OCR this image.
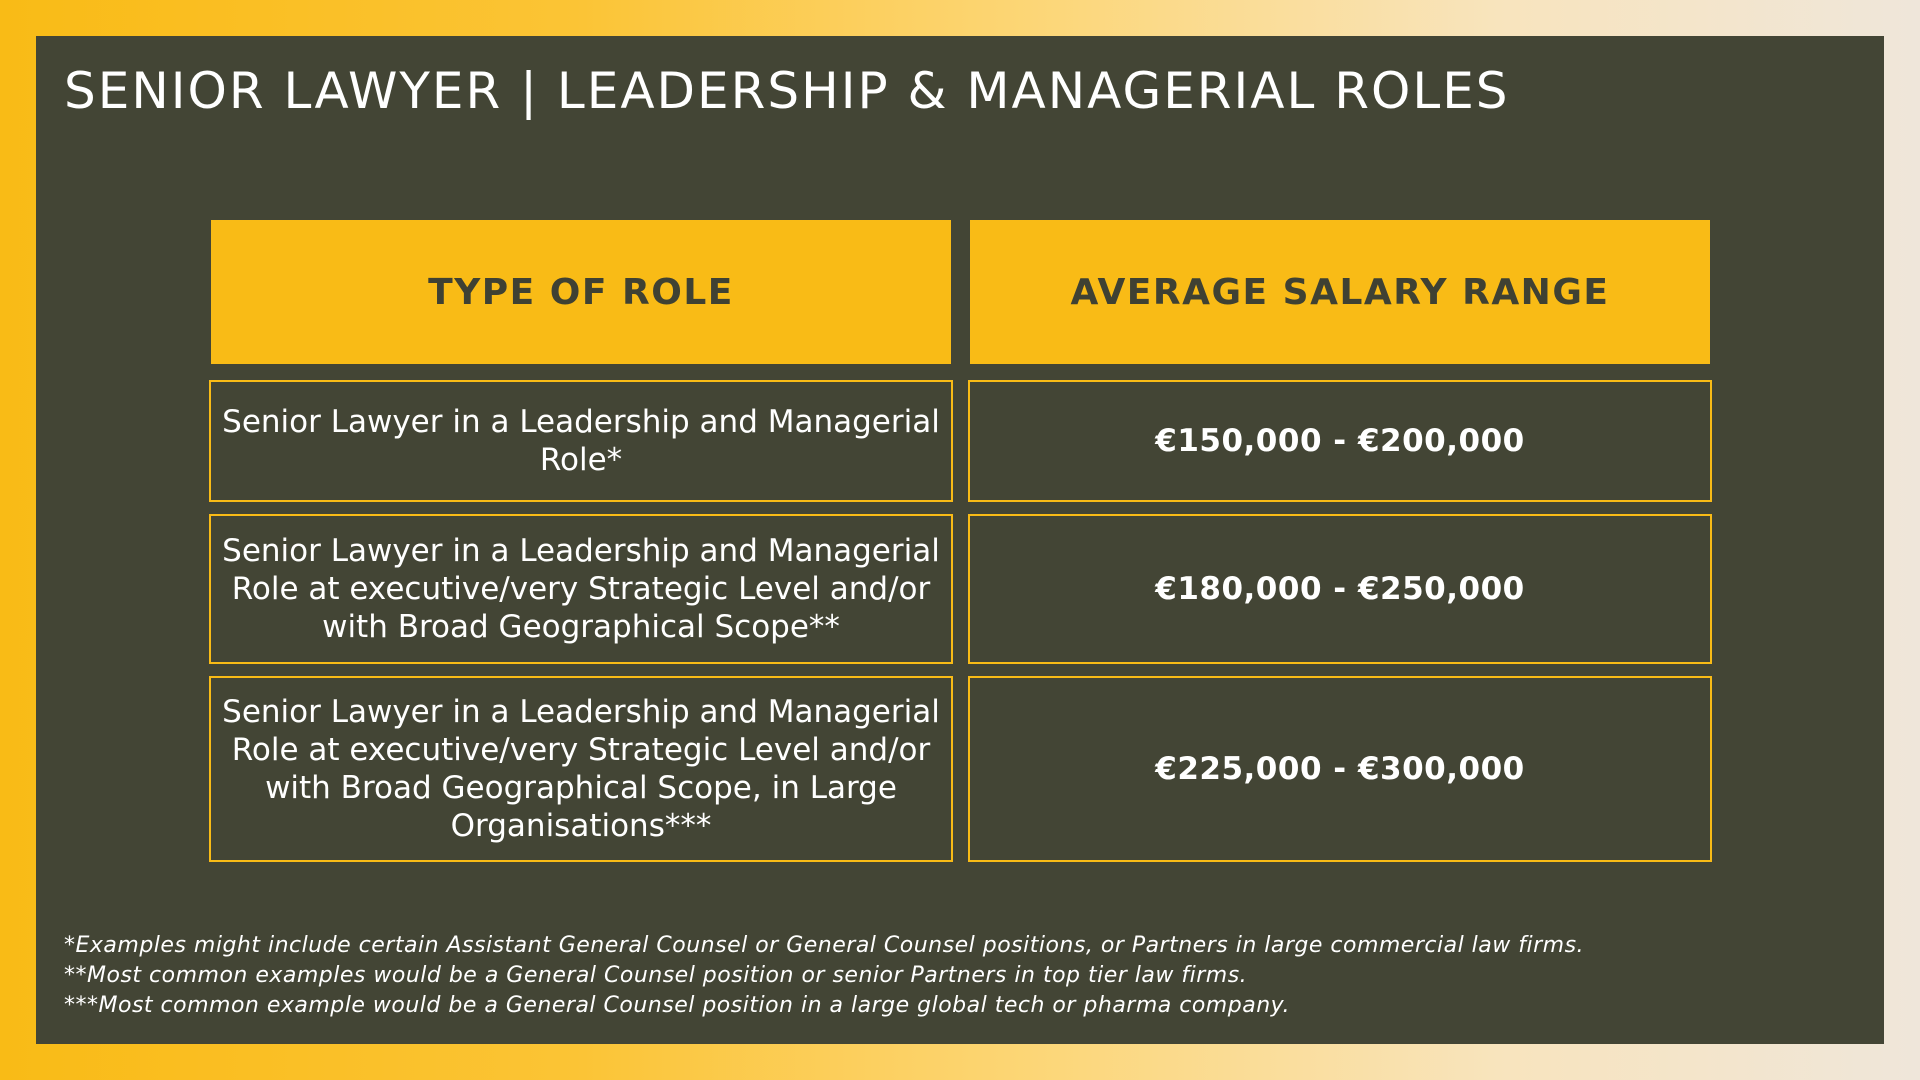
SENIOR LAWYER | LEADERSHIP & MANAGERIAL ROLES
TYPE OF ROLE	AVERAGE SALARY RANGE
Senior Lawyer in a Leadership and Managerial Role*
€150,000 - €200,000
Senior Lawyer in a Leadership and Managerial Role at executive/very Strategic Level and/or with Broad Geographical Scope**
€180,000 - €250,000
Senior Lawyer in a Leadership and Managerial Role at executive/very Strategic Level and/or with Broad Geographical Scope, in Large Organisations***
€225,000 - €300,000
*Examples might include certain Assistant General Counsel or General Counsel positions, or Partners in large commercial law firms.
**Most common examples would be a General Counsel position or senior Partners in top tier law firms.
***Most common example would be a General Counsel position in a large global tech or pharma company.
